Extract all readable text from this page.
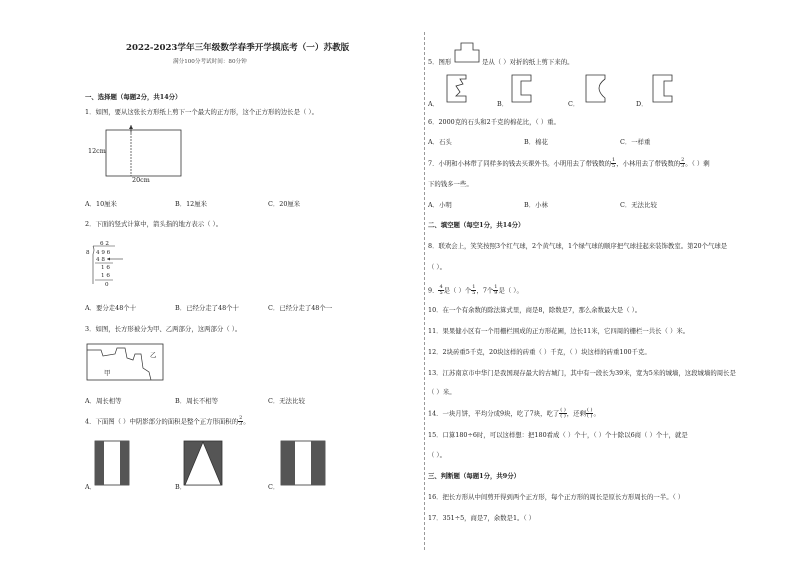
2022-2023学年三年级数学春季开学摸底考（一）苏教版
满分100分考试时间：80分钟
一、选择题（每题2分，共14分）
1．如图，要从这张长方形纸上剪下一个最大的正方形，这个正方形的边长是（ ）。
12cm
20cm
A．10厘米	B．12厘米	C．20厘米
2．下面的竖式计算中，箭头指的地方表示（ ）。
6 2
8 4 9 6
4 8
1 6
1 6
0
A．要分走48个十	B．已经分走了48个十	C．已经分走了48个一
3．如图，长方形被分为甲、乙两部分，这两部分（ ）。
乙
甲
A．周长相等	B．周长不相等	C．无法比较
4．下面图（ ）中阴影部分的面积是整个正方形面积的 $\frac{2}{3}$ 。
A．	B．	C．
5．图形	是从（ ）对折的纸上剪下来的。
A．	B．	C．	D．
6．2000克的石头和2千克的棉花比，（ ）重。
A．石头	B．棉花	C．一样重
7．小明和小林带了同样多的钱去买课外书。小明用去了带钱数的 $\frac{1}{5}$ ，小林用去了带钱数的 $\frac{2}{3}$ 。（ ）剩
下的钱多一些。
A．小明	B．小林	C．无法比较
二、填空题（每空1分，共14分）
8．联欢会上，笑笑按照3个红气球，2个黄气球，1个绿气球的顺序把气球挂起来装饰教室。第20个气球是
（ ）。
9． $\frac{4}{5}$ 是（ ）个 $\frac{1}{5}$ ，7个 $\frac{1}{9}$ 是（ ）。
10．在一个有余数的除法算式里，商是8，除数是7，那么余数最大是（ ）。
11．果果健小区有一个用栅栏围成的正方形花圃，边长11米，它四周的栅栏一共长（ ）米。
12．2块砖重5千克，20块这样的砖重（ ）千克，（ ）块这样的砖重100千克。
13．江苏南京市中华门是我国现存最大的古城门，其中有一段长为39米，宽为5米的城墙，这段城墙的周长是
（ ）米。
14．一块月饼，平均分成9块，吃了7块，吃了 $\frac{( )}{( )}$ ，还剩 $\frac{( )}{( )}$ 。
15．口算180÷6时，可以这样想：把180看成（ ）个十，（ ）个十除以6商（ ）个十，就是
（ ）。
三、判断题（每题1分，共9分）
16．把长方形从中间剪开得到两个正方形，每个正方形的周长是原长方形周长的一半。（ ）
17．351÷5，商是7，余数是1。（ ）
